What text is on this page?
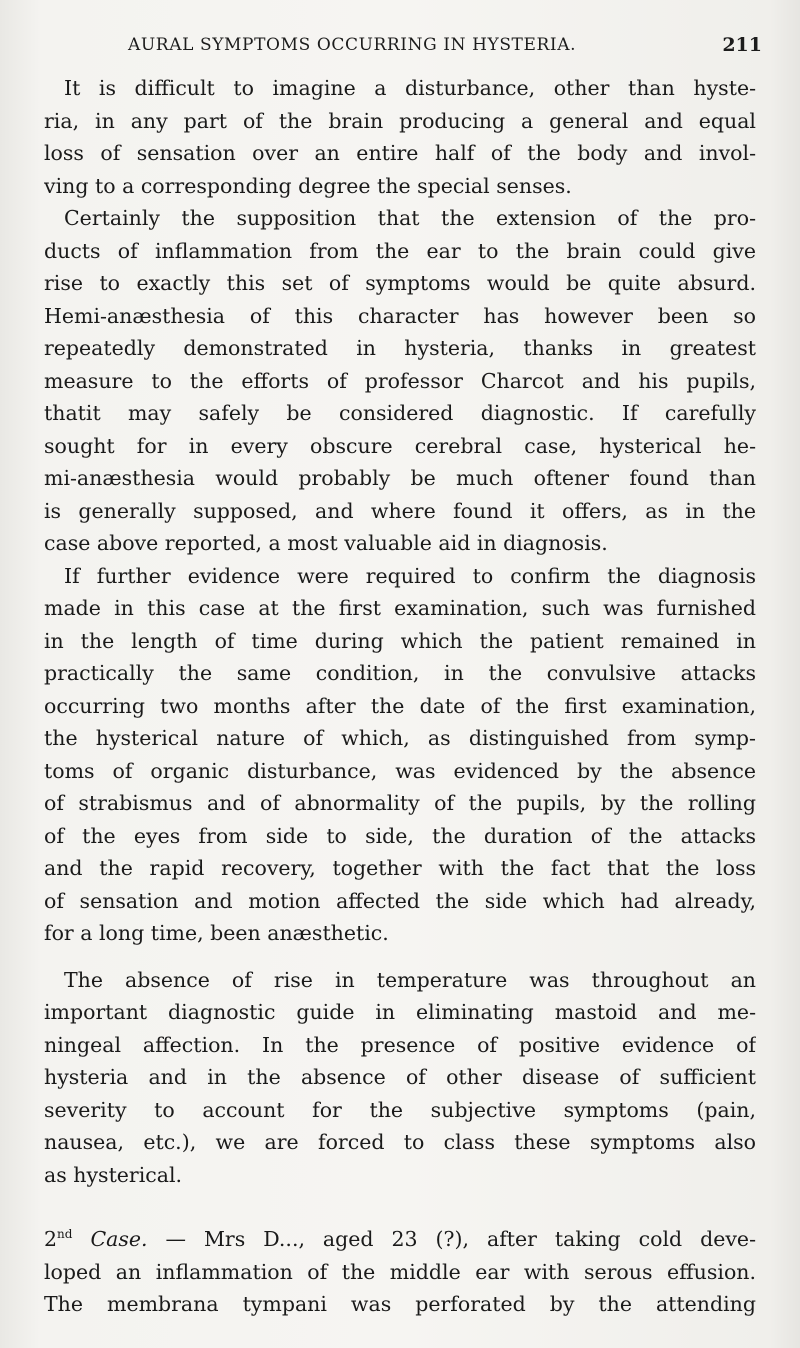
AURAL SYMPTOMS OCCURRING IN HYSTERIA.	211
It is difficult to imagine a disturbance, other than hyste-
ria, in any part of the brain producing a general and equal
loss of sensation over an entire half of the body and invol-
ving to a corresponding degree the special senses.
Certainly the supposition that the extension of the pro-
ducts of inflammation from the ear to the brain could give
rise to exactly this set of symptoms would be quite absurd.
Hemi-anæsthesia of this character has however been so
repeatedly demonstrated in hysteria, thanks in greatest
measure to the efforts of professor Charcot and his pupils,
thatit may safely be considered diagnostic. If carefully
sought for in every obscure cerebral case, hysterical he-
mi-anæsthesia would probably be much oftener found than
is generally supposed, and where found it offers, as in the
case above reported, a most valuable aid in diagnosis.
If further evidence were required to confirm the diagnosis
made in this case at the first examination, such was furnished
in the length of time during which the patient remained in
practically the same condition, in the convulsive attacks
occurring two months after the date of the first examination,
the hysterical nature of which, as distinguished from symp-
toms of organic disturbance, was evidenced by the absence
of strabismus and of abnormality of the pupils, by the rolling
of the eyes from side to side, the duration of the attacks
and the rapid recovery, together with the fact that the loss
of sensation and motion affected the side which had already,
for a long time, been anæsthetic.
The absence of rise in temperature was throughout an
important diagnostic guide in eliminating mastoid and me-
ningeal affection. In the presence of positive evidence of
hysteria and in the absence of other disease of sufficient
severity to account for the subjective symptoms (pain,
nausea, etc.), we are forced to class these symptoms also
as hysterical.
2nd Case. — Mrs D..., aged 23 (?), after taking cold deve-
loped an inflammation of the middle ear with serous effusion.
The membrana tympani was perforated by the attending
